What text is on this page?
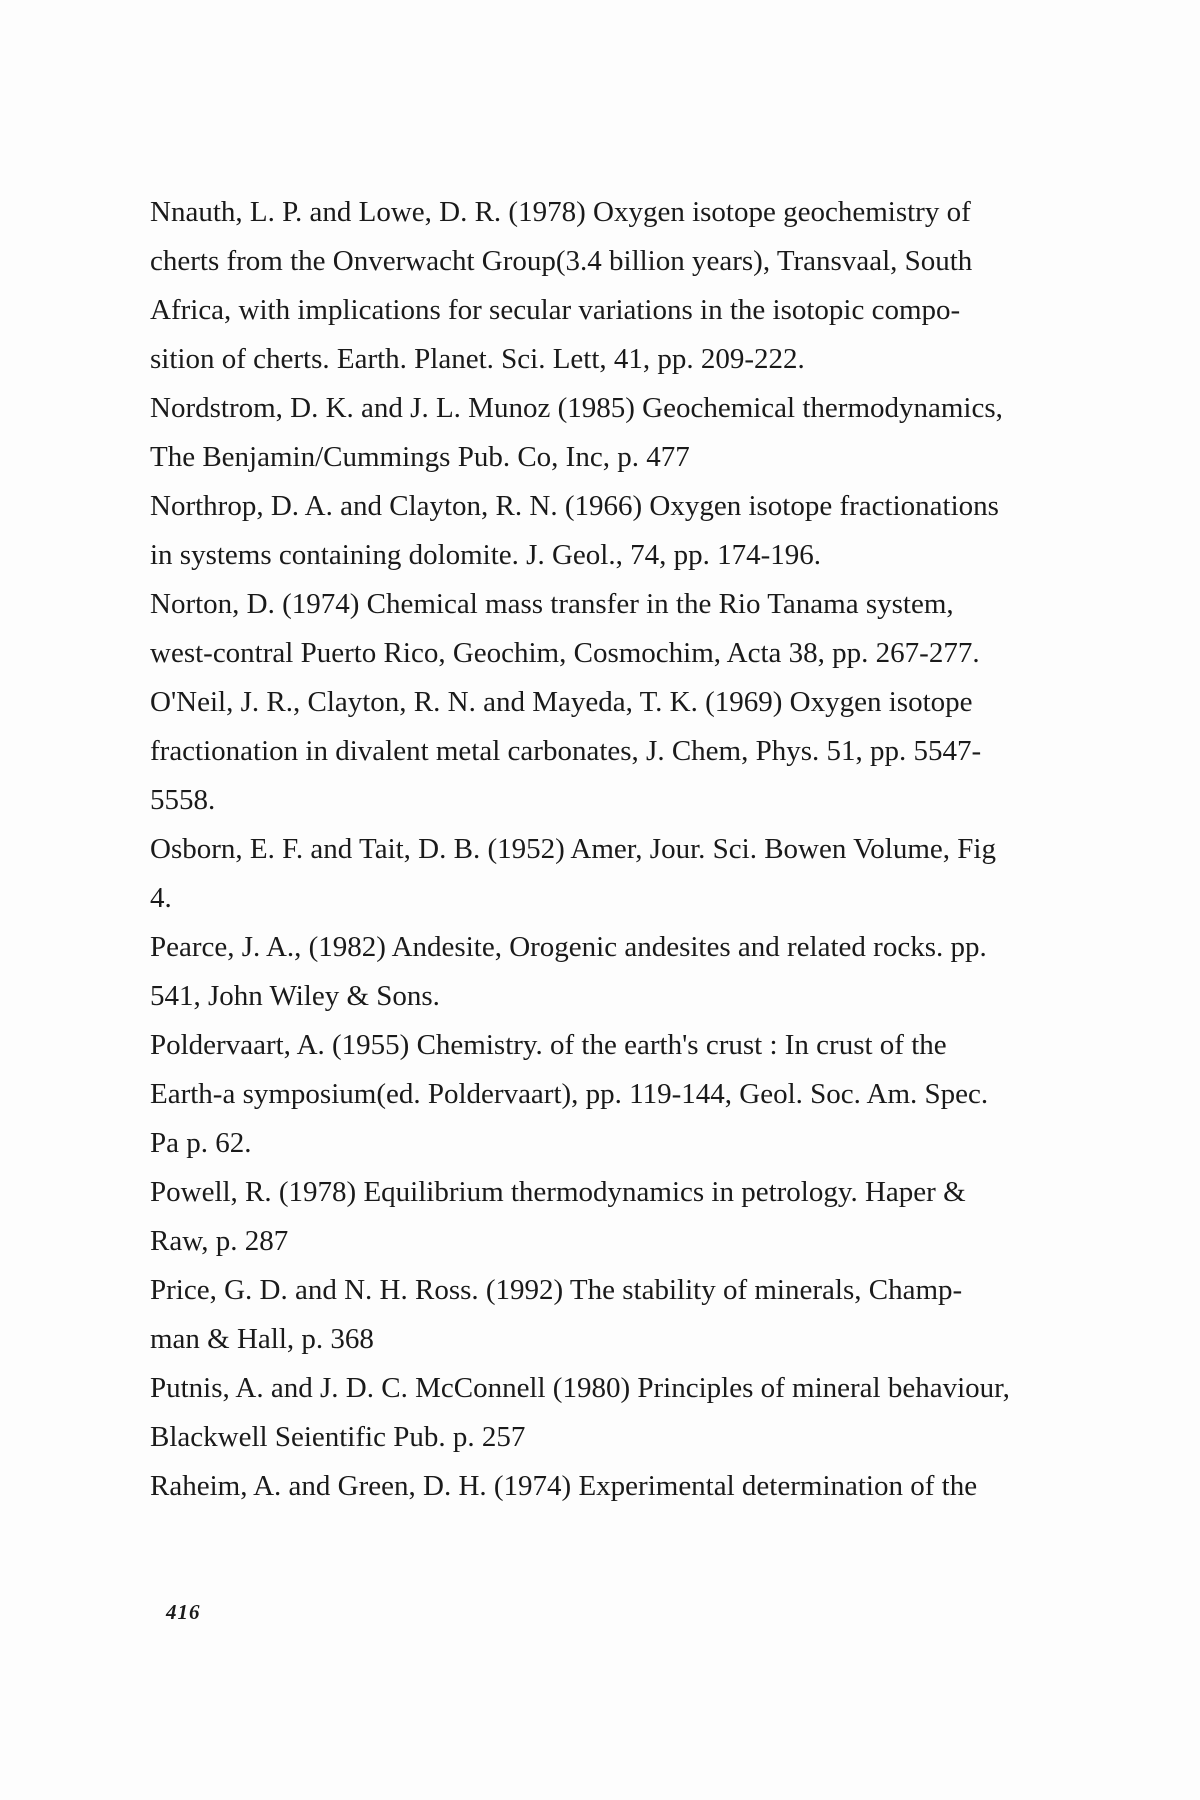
Nnauth, L. P. and Lowe, D. R. (1978) Oxygen isotope geochemistry of
cherts from the Onverwacht Group(3.4 billion years), Transvaal, South
Africa, with implications for secular variations in the isotopic compo-
sition of cherts. Earth. Planet. Sci. Lett, 41, pp. 209-222.

Nordstrom, D. K. and J. L. Munoz (1985) Geochemical thermodynamics,
The Benjamin/Cummings Pub. Co, Inc, p. 477

Northrop, D. A. and Clayton, R. N. (1966) Oxygen isotope fractionations
in systems containing dolomite. J. Geol., 74, pp. 174-196.

Norton, D. (1974) Chemical mass transfer in the Rio Tanama system,
west-contral Puerto Rico, Geochim, Cosmochim, Acta 38, pp. 267-277.

O'Neil, J. R., Clayton, R. N. and Mayeda, T. K. (1969) Oxygen isotope
fractionation in divalent metal carbonates, J. Chem, Phys. 51, pp. 5547-
5558.

Osborn, E. F. and Tait, D. B. (1952) Amer, Jour. Sci. Bowen Volume, Fig
4.

Pearce, J. A., (1982) Andesite, Orogenic andesites and related rocks. pp.
541, John Wiley & Sons.

Poldervaart, A. (1955) Chemistry. of the earth's crust : In crust of the
Earth-a symposium(ed. Poldervaart), pp. 119-144, Geol. Soc. Am. Spec.
Pa p. 62.

Powell, R. (1978) Equilibrium thermodynamics in petrology. Haper &
Raw, p. 287

Price, G. D. and N. H. Ross. (1992) The stability of minerals, Champ-
man & Hall, p. 368

Putnis, A. and J. D. C. McConnell (1980) Principles of mineral behaviour,
Blackwell Seientific Pub. p. 257

Raheim, A. and Green, D. H. (1974) Experimental determination of the

416
